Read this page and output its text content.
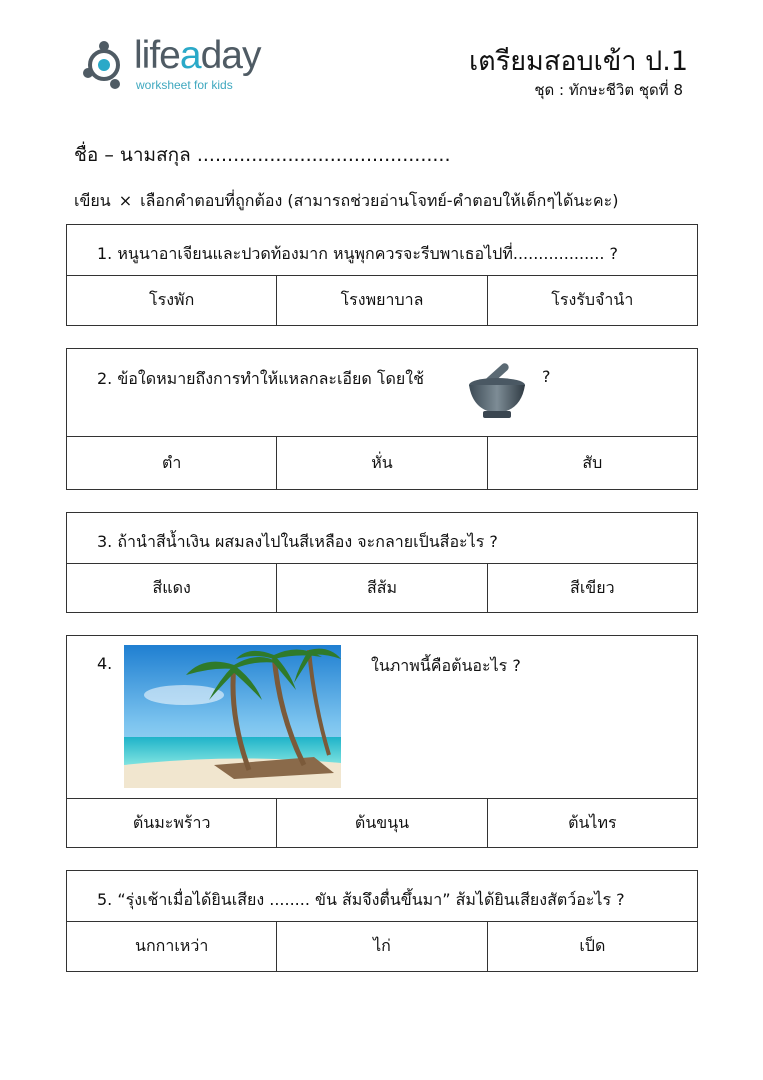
lifeaday
worksheet for kids
เตรียมสอบเข้า ป.1
ชุด : ทักษะชีวิต ชุดที่ 8
ชื่อ – นามสกุล ..........................................
เขียน × เลือกคำตอบที่ถูกต้อง (สามารถช่วยอ่านโจทย์-คำตอบให้เด็กๆได้นะคะ)
1. หนูนาอาเจียนและปวดท้องมาก หนูพุกควรจะรีบพาเธอไปที่.................. ?
โรงพัก	โรงพยาบาล	โรงรับจำนำ
2. ข้อใดหมายถึงการทำให้แหลกละเอียด โดยใช้	?
ตำ	หั่น	สับ
3. ถ้านำสีน้ำเงิน ผสมลงไปในสีเหลือง จะกลายเป็นสีอะไร ?
สีแดง	สีส้ม	สีเขียว
4.	ในภาพนี้คือต้นอะไร ?
ต้นมะพร้าว	ต้นขนุน	ต้นไทร
5. “รุ่งเช้าเมื่อได้ยินเสียง ........ ขัน ส้มจึงตื่นขึ้นมา” ส้มได้ยินเสียงสัตว์อะไร ?
นกกาเหว่า	ไก่	เป็ด
